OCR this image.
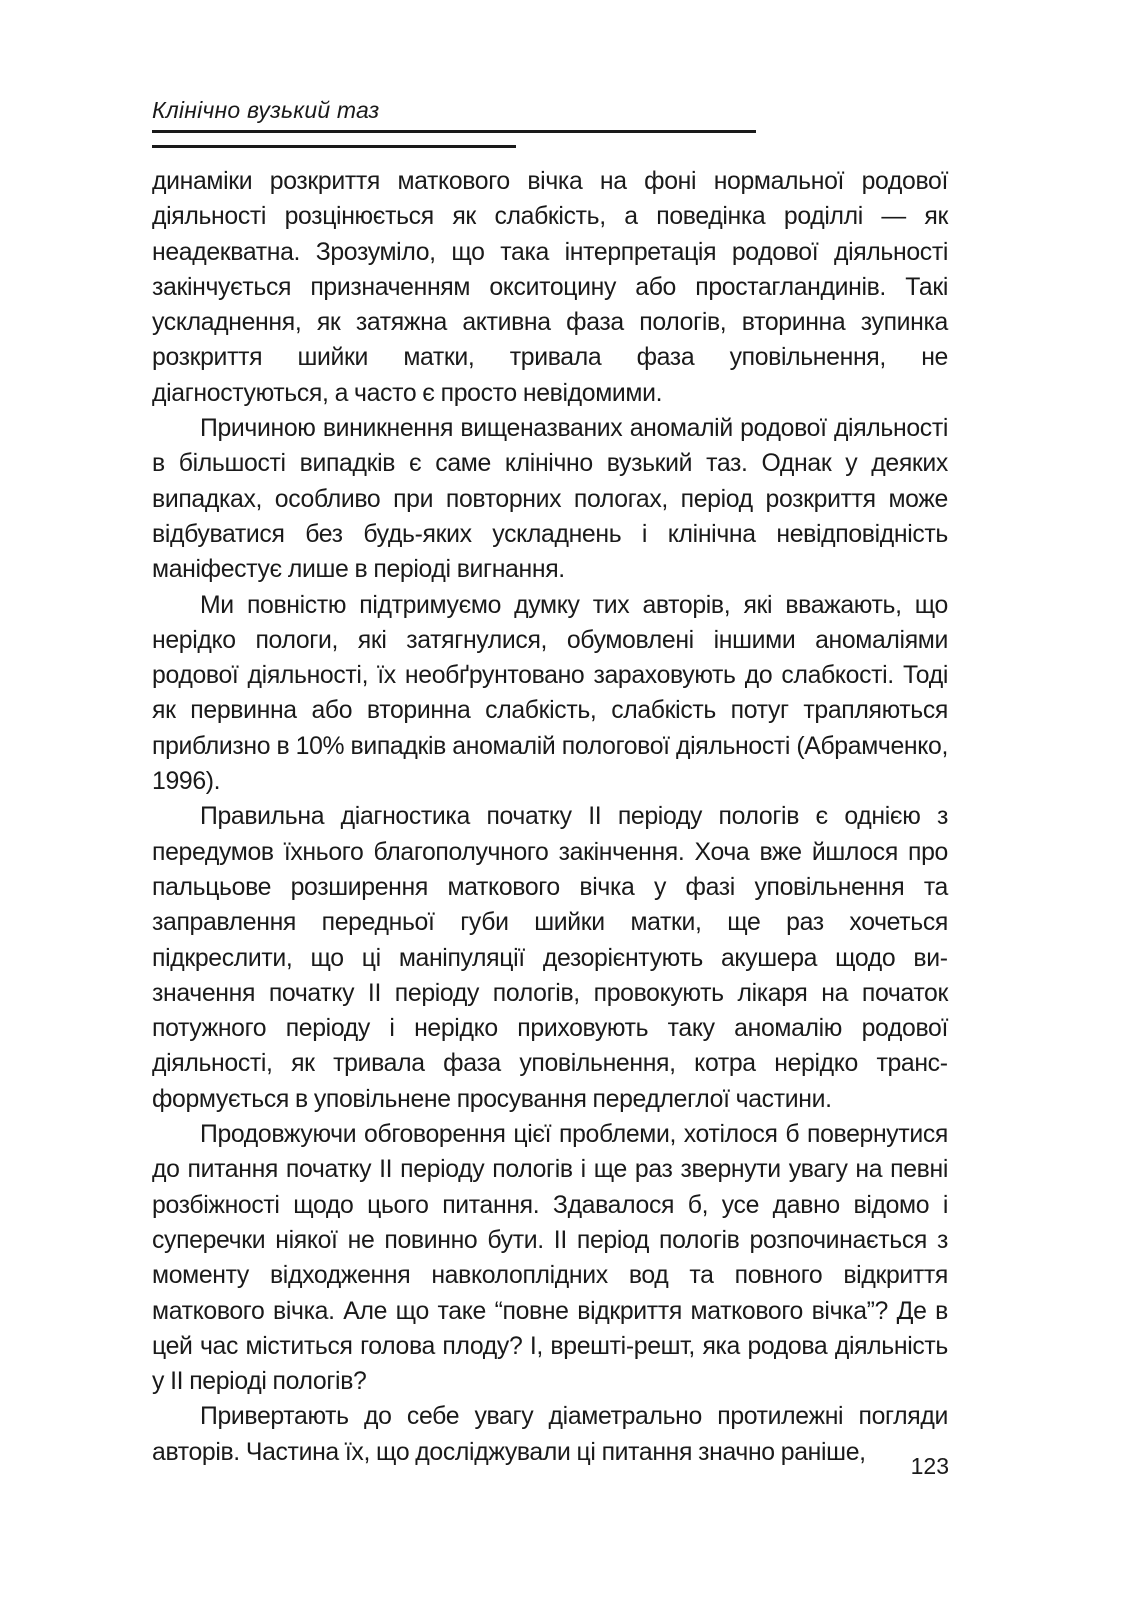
Клінічно вузький таз

динаміки розкриття маткового вічка на фоні нормальної родової діяльності розцінюється як слабкість, а поведінка роділлі — як неадекватна. Зрозуміло, що така інтерпретація родової діяльності закінчується призначенням окситоцину або простагландинів. Такі ускладнення, як затяжна активна фаза пологів, вторинна зупинка розкриття шийки матки, тривала фаза уповільнення, не діагностуються, а часто є просто невідомими.

Причиною виникнення вищеназваних аномалій родової діяльності в більшості випадків є саме клінічно вузький таз. Однак у деяких випадках, особливо при повторних пологах, період розкриття може відбуватися без будь-яких ускладнень і клінічна невідповідність маніфестує лише в періоді вигнання.

Ми повністю підтримуємо думку тих авторів, які вважають, що нерідко пологи, які затягнулися, обумовлені іншими аномаліями родової діяльності, їх необґрунтовано зараховують до слабкості. Тоді як первинна або вторинна слабкість, слабкість потуг трапляються приблизно в 10% випадків аномалій пологової діяльності (Абрамченко, 1996).

Правильна діагностика початку ІІ періоду пологів є однією з передумов їхнього благополучного закінчення. Хоча вже йшлося про пальцьове розширення маткового вічка у фазі уповільнення та заправлення передньої губи шийки матки, ще раз хочеться підкреслити, що ці маніпуляції дезорієнтують акушера щодо визначення початку ІІ періоду пологів, провокують лікаря на початок потужного періоду і нерідко приховують таку аномалію родової діяльності, як тривала фаза уповільнення, котра нерідко трансформується в уповільнене просування передлеглої частини.

Продовжуючи обговорення цієї проблеми, хотілося б повернутися до питання початку ІІ періоду пологів і ще раз звернути увагу на певні розбіжності щодо цього питання. Здавалося б, усе давно відомо і суперечки ніякої не повинно бути. ІІ період пологів розпочинається з моменту відходження навколоплідних вод та повного відкриття маткового вічка. Але що таке “повне відкриття маткового вічка”? Де в цей час міститься голова плоду? І, врешті-решт, яка родова діяльність у ІІ періоді пологів?

Привертають до себе увагу діаметрально протилежні погляди авторів. Частина їх, що досліджували ці питання значно раніше,

123
